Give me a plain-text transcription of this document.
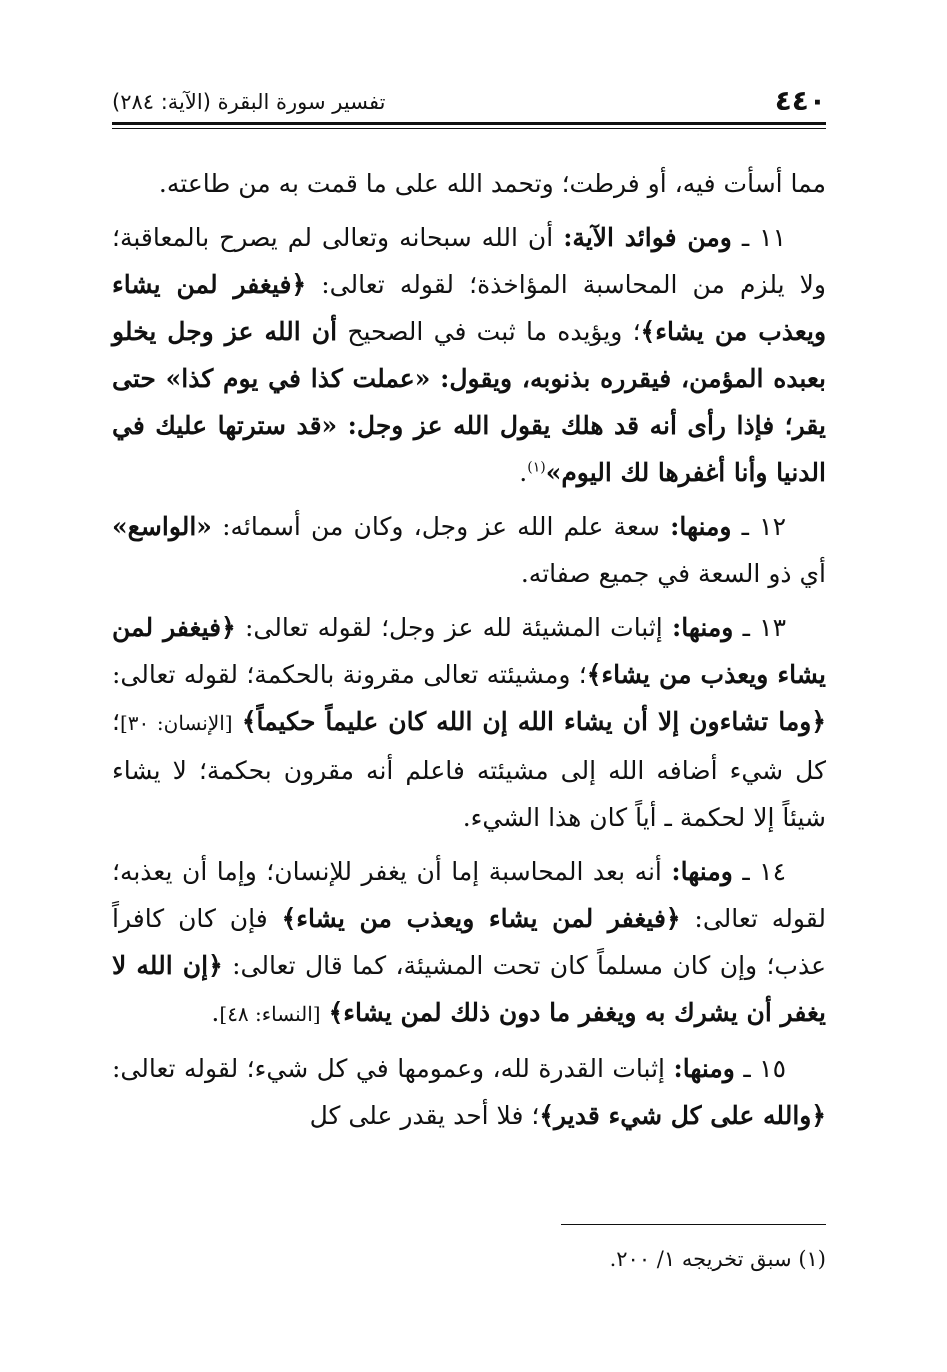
٤٤٠
تفسير سورة البقرة (الآية: ٢٨٤)

مما أسأت فيه، أو فرطت؛ وتحمد الله على ما قمت به من طاعته.

١١ ـ ومن فوائد الآية: أن الله سبحانه وتعالى لم يصرح بالمعاقبة؛ ولا يلزم من المحاسبة المؤاخذة؛ لقوله تعالى: ﴿فيغفر لمن يشاء ويعذب من يشاء﴾؛ ويؤيده ما ثبت في الصحيح أن الله عز وجل يخلو بعبده المؤمن، فيقرره بذنوبه، ويقول: «عملت كذا في يوم كذا» حتى يقر؛ فإذا رأى أنه قد هلك يقول الله عز وجل: «قد سترتها عليك في الدنيا وأنا أغفرها لك اليوم»$^{(١)}$.

١٢ ـ ومنها: سعة علم الله عز وجل، وكان من أسمائه: «الواسع» أي ذو السعة في جميع صفاته.

١٣ ـ ومنها: إثبات المشيئة لله عز وجل؛ لقوله تعالى: ﴿فيغفر لمن يشاء ويعذب من يشاء﴾؛ ومشيئته تعالى مقرونة بالحكمة؛ لقوله تعالى: ﴿وما تشاءون إلا أن يشاء الله إن الله كان عليماً حكيماً﴾ [الإنسان: ٣٠]؛ كل شيء أضافه الله إلى مشيئته فاعلم أنه مقرون بحكمة؛ لا يشاء شيئاً إلا لحكمة ـ أياً كان هذا الشيء.

١٤ ـ ومنها: أنه بعد المحاسبة إما أن يغفر للإنسان؛ وإما أن يعذبه؛ لقوله تعالى: ﴿فيغفر لمن يشاء ويعذب من يشاء﴾ فإن كان كافراً عذب؛ وإن كان مسلماً كان تحت المشيئة، كما قال تعالى: ﴿إن الله لا يغفر أن يشرك به ويغفر ما دون ذلك لمن يشاء﴾ [النساء: ٤٨].

١٥ ـ ومنها: إثبات القدرة لله، وعمومها في كل شيء؛ لقوله تعالى: ﴿والله على كل شيء قدير﴾؛ فلا أحد يقدر على كل

(١) سبق تخريجه ١/ ٢٠٠.
